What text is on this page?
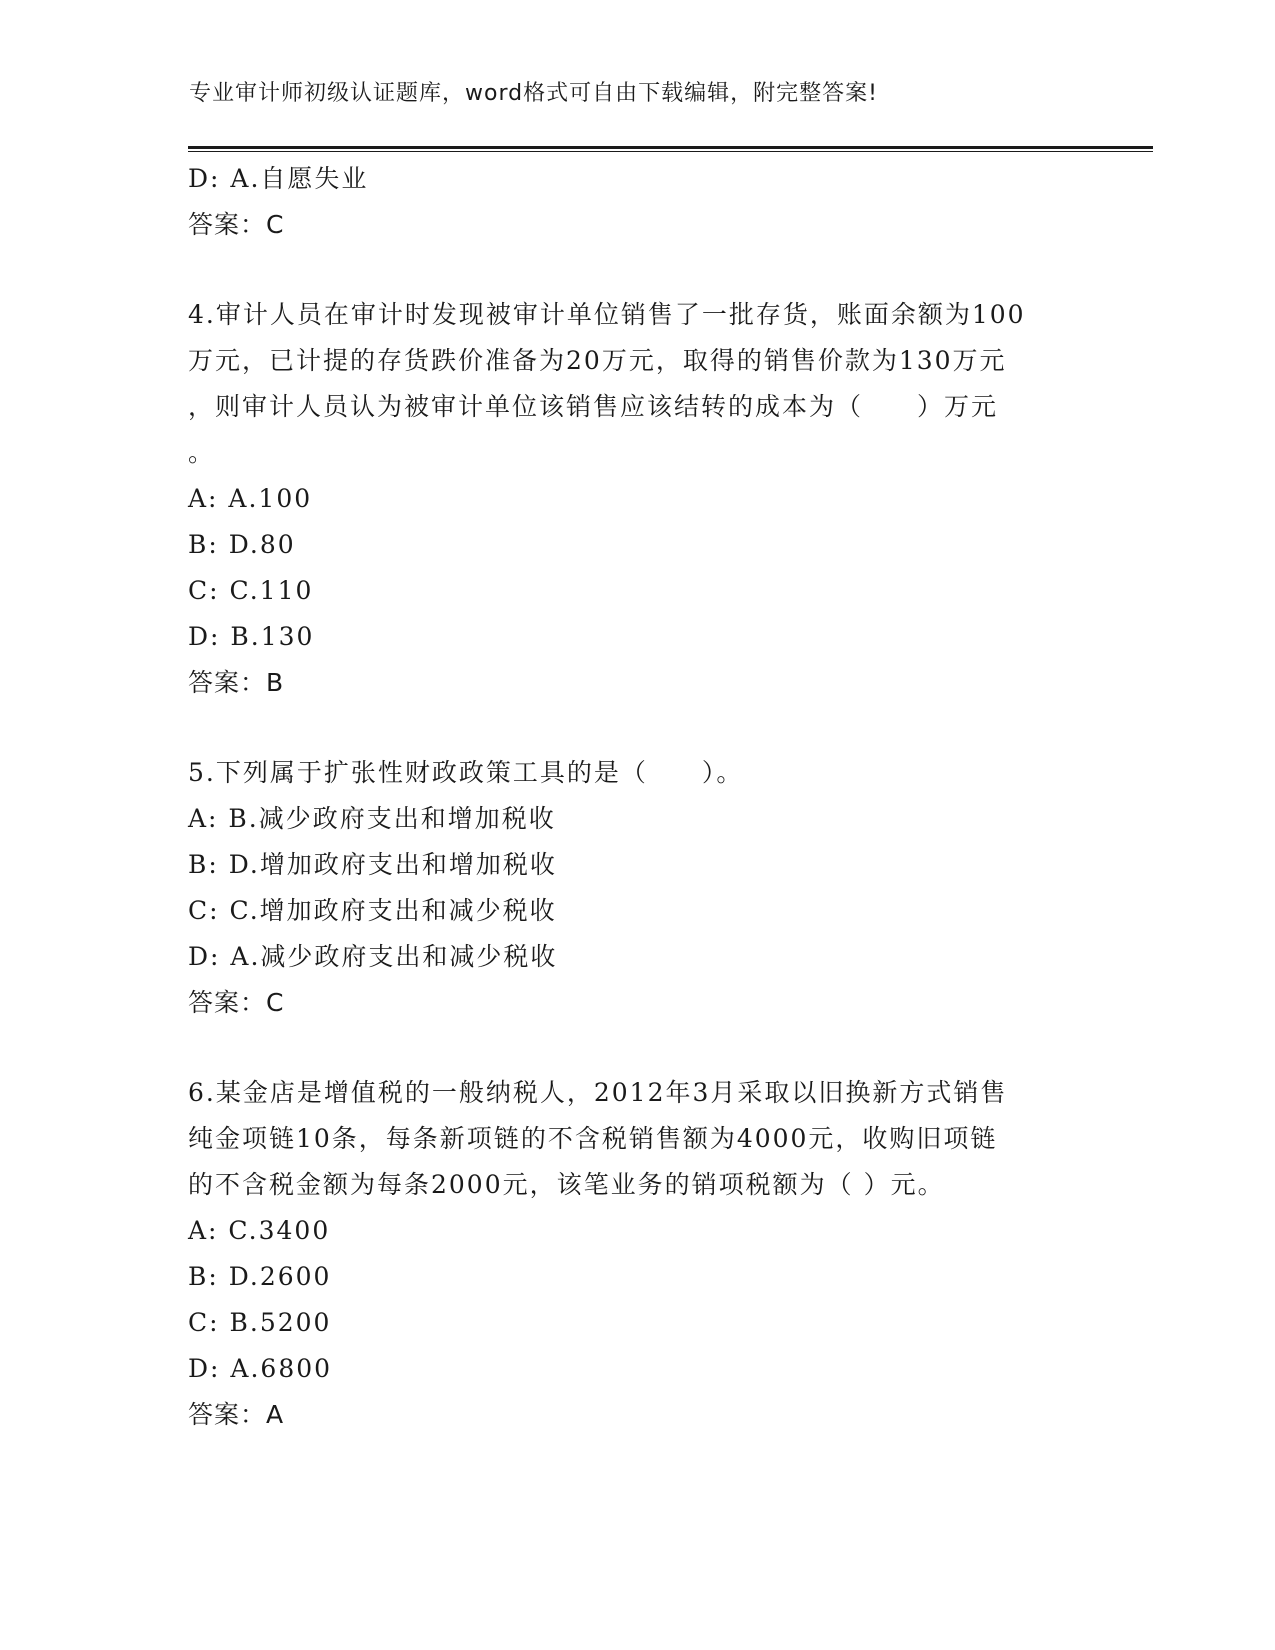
专业审计师初级认证题库，word格式可自由下载编辑，附完整答案!
D: A.自愿失业
答案：C
4.审计人员在审计时发现被审计单位销售了一批存货，账面余额为100
万元，已计提的存货跌价准备为20万元，取得的销售价款为130万元
，则审计人员认为被审计单位该销售应该结转的成本为（　　）万元
。
A: A.100
B: D.80
C: C.110
D: B.130
答案：B
5.下列属于扩张性财政政策工具的是（　　）。
A: B.减少政府支出和增加税收
B: D.增加政府支出和增加税收
C: C.增加政府支出和减少税收
D: A.减少政府支出和减少税收
答案：C
6.某金店是增值税的一般纳税人，2012年3月采取以旧换新方式销售
纯金项链10条，每条新项链的不含税销售额为4000元，收购旧项链
的不含税金额为每条2000元，该笔业务的销项税额为（ ）元。
A: C.3400
B: D.2600
C: B.5200
D: A.6800
答案：A
